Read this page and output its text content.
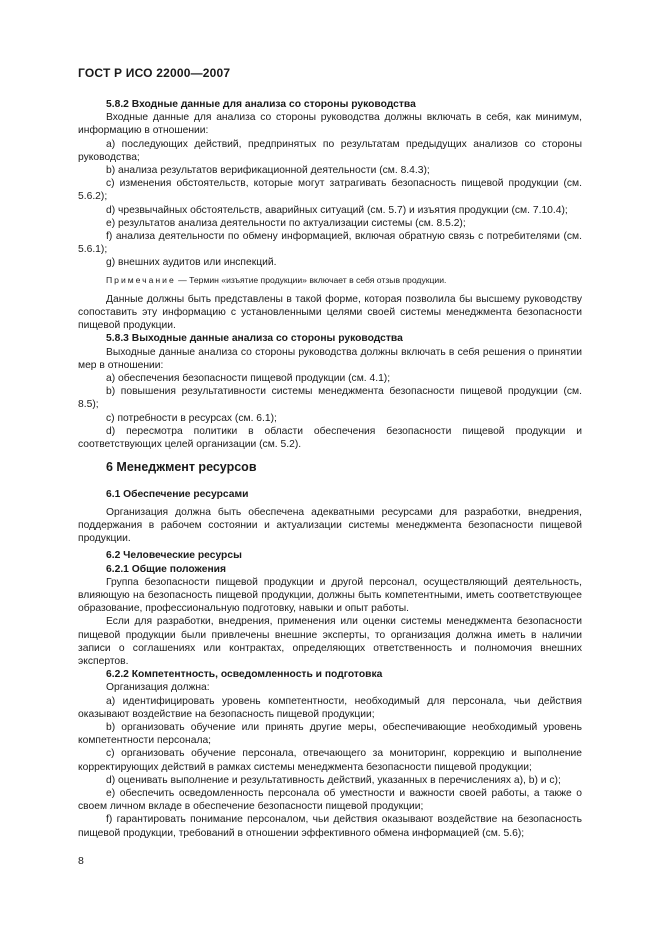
ГОСТ Р ИСО 22000—2007

5.8.2 Входные данные для анализа со стороны руководства

Входные данные для анализа со стороны руководства должны включать в себя, как минимум, информацию в отношении:

a) последующих действий, предпринятых по результатам предыдущих анализов со стороны руководства;

b) анализа результатов верификационной деятельности (см. 8.4.3);

c) изменения обстоятельств, которые могут затрагивать безопасность пищевой продукции (см. 5.6.2);

d) чрезвычайных обстоятельств, аварийных ситуаций (см. 5.7) и изъятия продукции (см. 7.10.4);

e) результатов анализа деятельности по актуализации системы (см. 8.5.2);

f) анализа деятельности по обмену информацией, включая обратную связь с потребителями (см. 5.6.1);

g) внешних аудитов или инспекций.

Примечание — Термин «изъятие продукции» включает в себя отзыв продукции.

Данные должны быть представлены в такой форме, которая позволила бы высшему руководству сопоставить эту информацию с установленными целями своей системы менеджмента безопасности пищевой продукции.

5.8.3 Выходные данные анализа со стороны руководства

Выходные данные анализа со стороны руководства должны включать в себя решения о принятии мер в отношении:

a) обеспечения безопасности пищевой продукции (см. 4.1);

b) повышения результативности системы менеджмента безопасности пищевой продукции (см. 8.5);

c) потребности в ресурсах (см. 6.1);

d) пересмотра политики в области обеспечения безопасности пищевой продукции и соответствующих целей организации (см. 5.2).

6 Менеджмент ресурсов

6.1 Обеспечение ресурсами

Организация должна быть обеспечена адекватными ресурсами для разработки, внедрения, поддержания в рабочем состоянии и актуализации системы менеджмента безопасности пищевой продукции.

6.2 Человеческие ресурсы

6.2.1 Общие положения

Группа безопасности пищевой продукции и другой персонал, осуществляющий деятельность, влияющую на безопасность пищевой продукции, должны быть компетентными, иметь соответствующее образование, профессиональную подготовку, навыки и опыт работы.

Если для разработки, внедрения, применения или оценки системы менеджмента безопасности пищевой продукции были привлечены внешние эксперты, то организация должна иметь в наличии записи о соглашениях или контрактах, определяющих ответственность и полномочия внешних экспертов.

6.2.2 Компетентность, осведомленность и подготовка

Организация должна:

a) идентифицировать уровень компетентности, необходимый для персонала, чьи действия оказывают воздействие на безопасность пищевой продукции;

b) организовать обучение или принять другие меры, обеспечивающие необходимый уровень компетентности персонала;

c) организовать обучение персонала, отвечающего за мониторинг, коррекцию и выполнение корректирующих действий в рамках системы менеджмента безопасности пищевой продукции;

d) оценивать выполнение и результативность действий, указанных в перечислениях a), b) и c);

e) обеспечить осведомленность персонала об уместности и важности своей работы, а также о своем личном вкладе в обеспечение безопасности пищевой продукции;

f) гарантировать понимание персоналом, чьи действия оказывают воздействие на безопасность пищевой продукции, требований в отношении эффективного обмена информацией (см. 5.6);

8
